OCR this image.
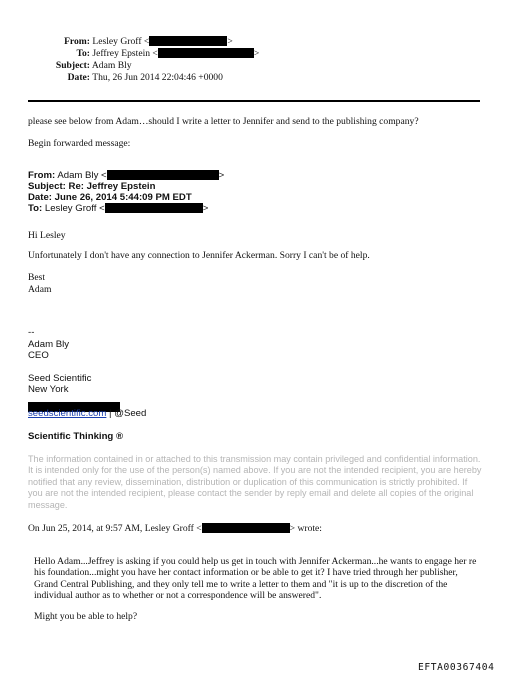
From: Lesley Groff <	>
To: Jeffrey Epstein <	>
Subject: Adam Bly
Date: Thu, 26 Jun 2014 22:04:46 +0000
please see below from Adam…should I write a letter to Jennifer and send to the publishing company?
Begin forwarded message:
From: Adam Bly <	>
Subject: Re: Jeffrey Epstein
Date: June 26, 2014 5:44:09 PM EDT
To: Lesley Groff <	>
Hi Lesley
Unfortunately I don't have any connection to Jennifer Ackerman. Sorry I can't be of help.
Best
Adam
--
Adam Bly
CEO
Seed Scientific
New York
seedscientific.com | @Seed
Scientific Thinking ®
The information contained in or attached to this transmission may contain privileged and confidential information. It is intended only for the use of the person(s) named above. If you are not the intended recipient, you are hereby notified that any review, dissemination, distribution or duplication of this communication is strictly prohibited. If you are not the intended recipient, please contact the sender by reply email and delete all copies of the original message.
On Jun 25, 2014, at 9:57 AM, Lesley Groff <	> wrote:
Hello Adam...Jeffrey is asking if you could help us get in touch with Jennifer Ackerman...he wants to engage her re his foundation...might you have her contact information or be able to get it? I have tried through her publisher, Grand Central Publishing, and they only tell me to write a letter to them and "it is up to the discretion of the individual author as to whether or not a correspondence will be answered".
Might you be able to help?
EFTA00367404
